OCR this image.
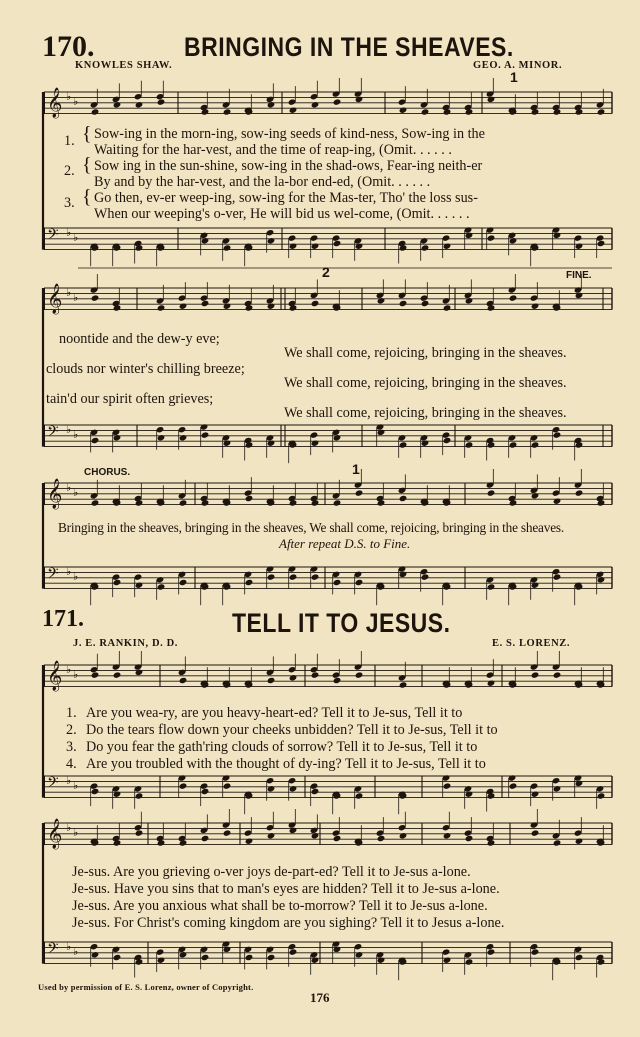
𝄞 ♭ ♭
𝄢 ♭ ♭
𝄞 ♭ ♭
𝄢 ♭ ♭
𝄞 ♭ ♭
𝄢 ♭ ♭
𝄞 ♭ ♭
𝄢 ♭ ♭
𝄞 ♭ ♭
𝄢 ♭ ♭
170.	BRINGING IN THE SHEAVES.
KNOWLES SHAW.	GEO. A. MINOR.
1
1.
2.
3.
{
{
{
Sow-ing in the morn-ing, sow-ing seeds of kind-ness, Sow-ing in the
Waiting for the har-vest, and the time of reap-ing, (Omit. . . . . .
Sow ing in the sun-shine, sow-ing in the shad-ows, Fear-ing neith-er
By and by the har-vest, and the la-bor end-ed, (Omit. . . . . .
Go then, ev-er weep-ing, sow-ing for the Mas-ter, Tho' the loss sus-
When our weeping's o-ver, He will bid us wel-come, (Omit. . . . . .
2	FINE.
noontide and the dew-y eve;
We shall come, rejoicing, bringing in the sheaves.
clouds nor winter's chilling breeze;
We shall come, rejoicing, bringing in the sheaves.
tain'd our spirit often grieves;
We shall come, rejoicing, bringing in the sheaves.
CHORUS.	1
Bringing in the sheaves, bringing in the sheaves, We shall come, rejoicing, bringing in the sheaves.
After repeat D.S. to Fine.
171.	TELL IT TO JESUS.
J. E. RANKIN, D. D.	E. S. LORENZ.
1. Are you wea-ry, are you heavy-heart-ed? Tell it to Je-sus, Tell it to
2. Do the tears flow down your cheeks unbidden? Tell it to Je-sus, Tell it to
3. Do you fear the gath'ring clouds of sorrow? Tell it to Je-sus, Tell it to
4. Are you troubled with the thought of dy-ing? Tell it to Je-sus, Tell it to
Je-sus. Are you grieving o-ver joys de-part-ed? Tell it to Je-sus a-lone.
Je-sus. Have you sins that to man's eyes are hidden? Tell it to Je-sus a-lone.
Je-sus. Are you anxious what shall be to-morrow? Tell it to Je-sus a-lone.
Je-sus. For Christ's coming kingdom are you sighing? Tell it to Jesus a-lone.
Used by permission of E. S. Lorenz, owner of Copyright.
176
